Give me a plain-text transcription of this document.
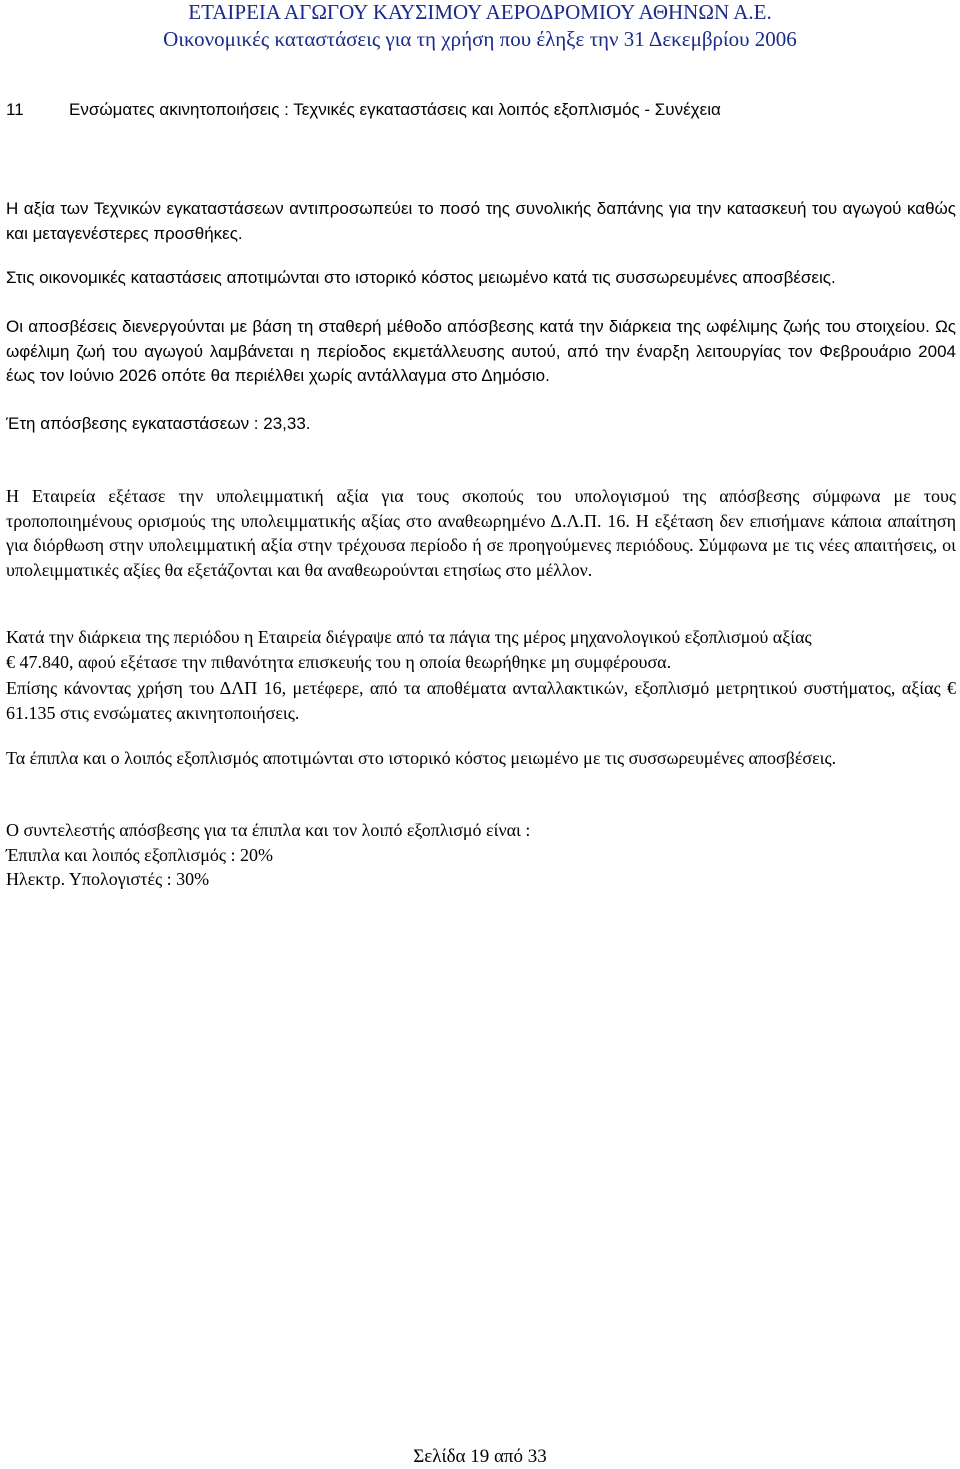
ΕΤΑΙΡΕΙΑ ΑΓΩΓΟΥ ΚΑΥΣΙΜΟΥ ΑΕΡΟΔΡΟΜΙΟΥ ΑΘΗΝΩΝ Α.Ε.
Οικονομικές καταστάσεις για τη χρήση που έληξε την 31 Δεκεμβρίου 2006
11	Ενσώματες ακινητοποιήσεις : Τεχνικές εγκαταστάσεις και λοιπός εξοπλισμός - Συνέχεια
Η αξία των Τεχνικών εγκαταστάσεων αντιπροσωπεύει το ποσό της συνολικής δαπάνης για την κατασκευή του αγωγού καθώς και μεταγενέστερες προσθήκες.
Στις οικονομικές καταστάσεις αποτιμώνται στο ιστορικό κόστος μειωμένο κατά τις συσσωρευμένες αποσβέσεις.
Οι αποσβέσεις διενεργούνται με βάση τη σταθερή μέθοδο απόσβεσης κατά την διάρκεια της ωφέλιμης ζωής του στοιχείου. Ως ωφέλιμη ζωή του αγωγού λαμβάνεται η περίοδος εκμετάλλευσης αυτού, από την έναρξη λειτουργίας τον Φεβρουάριο 2004 έως τον Ιούνιο 2026 οπότε θα περιέλθει χωρίς αντάλλαγμα στο Δημόσιο.
Έτη απόσβεσης εγκαταστάσεων : 23,33.
Η Εταιρεία εξέτασε την υπολειμματική αξία για τους σκοπούς του υπολογισμού της απόσβεσης σύμφωνα με τους τροποποιημένους ορισμούς της υπολειμματικής αξίας στο αναθεωρημένο Δ.Λ.Π. 16. Η εξέταση δεν επισήμανε κάποια απαίτηση για διόρθωση στην υπολειμματική αξία στην τρέχουσα περίοδο ή σε προηγούμενες περιόδους. Σύμφωνα με τις νέες απαιτήσεις, οι υπολειμματικές αξίες θα εξετάζονται και θα αναθεωρούνται ετησίως στο μέλλον.
Κατά την διάρκεια της περιόδου η Εταιρεία διέγραψε από τα πάγια της μέρος μηχανολογικού εξοπλισμού αξίας
€ 47.840, αφού εξέτασε την πιθανότητα επισκευής του η οποία θεωρήθηκε μη συμφέρουσα.
Επίσης κάνοντας χρήση του ΔΛΠ 16, μετέφερε, από τα αποθέματα ανταλλακτικών, εξοπλισμό μετρητικού συστήματος, αξίας € 61.135 στις ενσώματες ακινητοποιήσεις.
Τα έπιπλα και ο λοιπός εξοπλισμός αποτιμώνται στο ιστορικό κόστος μειωμένο με τις συσσωρευμένες αποσβέσεις.
Ο συντελεστής απόσβεσης για τα έπιπλα και τον λοιπό εξοπλισμό είναι :
Έπιπλα και λοιπός εξοπλισμός : 20%
Ηλεκτρ. Υπολογιστές : 30%
Σελίδα 19 από 33
